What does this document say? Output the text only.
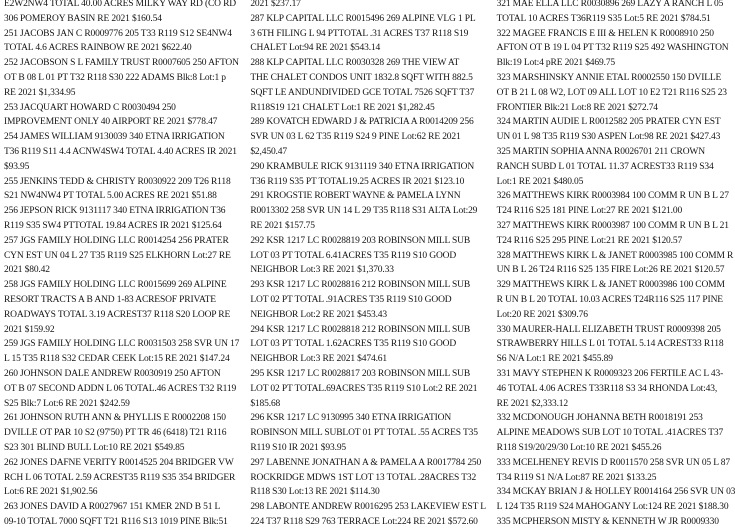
E2W2NW4 TOTAL 40.00 ACRES MILKY WAY RD (CO RD
306 POMEROY BASIN RE 2021 $160.54
251 JACOBS JAN C R0009776 205 T33 R119 S12 SE4NW4
TOTAL 4.6 ACRES RAINBOW RE 2021 $622.40
252 JACOBSON S L FAMILY TRUST R0007605 250 AFTON
OT B 08 L 01 PT T32 R118 S30 222 ADAMS Blk:8 Lot:1 p
RE 2021 $1,334.95
253 JACQUART HOWARD C R0030494 250
IMPROVEMENT ONLY 40 AIRPORT RE 2021 $778.47
254 JAMES WILLIAM 9130039 340 ETNA IRRIGATION
T36 R119 S11 4.4 ACNW4SW4 TOTAL 4.40 ACRES IR 2021
$93.95
255 JENKINS TEDD & CHRISTY R0030922 209 T26 R118
S21 NW4NW4 PT TOTAL 5.00 ACRES RE 2021 $51.88
256 JEPSON RICK 9131117 340 ETNA IRRIGATION T36
R119 S35 SW4 PTTOTAL 19.84 ACRES IR 2021 $125.64
257 JGS FAMILY HOLDING LLC R0014254 256 PRATER
CYN EST UN 04 L 27 T35 R119 S25 ELKHORN Lot:27 RE
2021 $80.42
258 JGS FAMILY HOLDING LLC R0015699 269 ALPINE
RESORT TRACTS A B AND 1-83 ACRESOF PRIVATE
ROADWAYS TOTAL 3.19 ACREST37 R118 S20 LOOP RE
2021 $159.92
259 JGS FAMILY HOLDING LLC R0031503 258 SVR UN 17
L 15 T35 R118 S32 CEDAR CEEK Lot:15 RE 2021 $147.24
260 JOHNSON DALE ANDREW R0030919 250 AFTON
OT B 07 SECOND ADDN L 06 TOTAL.46 ACRES T32 R119
S25 Blk:7 Lot:6 RE 2021 $242.59
261 JOHNSON RUTH ANN & PHYLLIS E R0002208 150
DVILLE OT PAR 10 S2 (97'50) PT TR 46 (6418) T21 R116
S23 301 BLIND BULL Lot:10 RE 2021 $549.85
262 JONES DAFNE VERITY R0014525 204 BRIDGER VW
RCH L 06 TOTAL 2.59 ACREST35 R119 S35 354 BRIDGER
Lot:6 RE 2021 $1,902.56
263 JONES DAVID A R0027967 151 KMER 2ND B 51 L
09-10 TOTAL 7000 SQFT T21 R116 S13 1019 PINE Blk:51
2021 $237.17
287 KLP CAPITAL LLC R0015496 269 ALPINE VLG 1 PL
3 6TH FILING L 94 PTTOTAL .31 ACRES T37 R118 S19
CHALET Lot:94 RE 2021 $543.14
288 KLP CAPITAL LLC R0030328 269 THE VIEW AT
THE CHALET CONDOS UNIT 1832.8 SQFT WITH 882.5
SQFT LE ANDUNDIVIDED GCE TOTAL 7526 SQFT T37
R118S19 121 CHALET Lot:1 RE 2021 $1,282.45
289 KOVATCH EDWARD J & PATRICIA A R0014209 256
SVR UN 03 L 62 T35 R119 S24 9 PINE Lot:62 RE 2021
$2,450.47
290 KRAMBULE RICK 9131119 340 ETNA IRRIGATION
T36 R119 S35 PT TOTAL19.25 ACRES IR 2021 $123.10
291 KROGSTIE ROBERT WAYNE & PAMELA LYNN
R0013302 258 SVR UN 14 L 29 T35 R118 S31 ALTA Lot:29
RE 2021 $157.75
292 KSR 1217 LC R0028819 203 ROBINSON MILL SUB
LOT 03 PT TOTAL 6.41ACRES T35 R119 S10 GOOD
NEIGHBOR Lot:3 RE 2021 $1,370.33
293 KSR 1217 LC R0028816 212 ROBINSON MILL SUB
LOT 02 PT TOTAL .91ACRES T35 R119 S10 GOOD
NEIGHBOR Lot:2 RE 2021 $453.43
294 KSR 1217 LC R0028818 212 ROBINSON MILL SUB
LOT 03 PT TOTAL 1.62ACRES T35 R119 S10 GOOD
NEIGHBOR Lot:3 RE 2021 $474.61
295 KSR 1217 LC R0028817 203 ROBINSON MILL SUB
LOT 02 PT TOTAL.69ACRES T35 R119 S10 Lot:2 RE 2021
$185.68
296 KSR 1217 LC 9130995 340 ETNA IRRIGATION
ROBINSON MILL SUBLOT 01 PT TOTAL .55 ACRES T35
R119 S10 IR 2021 $93.95
297 LABENNE JONATHAN A & PAMELA A R0017784 250
ROCKRIDGE MDWS 1ST LOT 13 TOTAL .28ACRES T32
R118 S30 Lot:13 RE 2021 $114.30
298 LABONTE ANDREW R0016295 253 LAKEVIEW EST L
224 T37 R118 S29 763 TERRACE Lot:224 RE 2021 $572.60
321 MAE ELLA LLC R0030896 269 LAZY A RANCH L 05
TOTAL 10 ACRES T36R119 S35 Lot:5 RE 2021 $784.51
322 MAGEE FRANCIS E III & HELEN K R0008910 250
AFTON OT B 19 L 04 PT T32 R119 S25 492 WASHINGTON
Blk:19 Lot:4 pRE 2021 $469.75
323 MARSHINSKY ANNIE ETAL R0002550 150 DVILLE
OT B 21 L 08 W2, LOT 09 ALL LOT 10 E2 T21 R116 S25 23
FRONTIER Blk:21 Lot:8 RE 2021 $272.74
324 MARTIN AUDIE L R0012582 205 PRATER CYN EST
UN 01 L 98 T35 R119 S30 ASPEN Lot:98 RE 2021 $427.43
325 MARTIN SOPHIA ANNA R0026701 211 CROWN
RANCH SUBD L 01 TOTAL 11.37 ACREST33 R119 S34
Lot:1 RE 2021 $480.05
326 MATTHEWS KIRK R0003984 100 COMM R UN B L 27
T24 R116 S25 181 PINE Lot:27 RE 2021 $121.00
327 MATTHEWS KIRK R0003987 100 COMM R UN B L 21
T24 R116 S25 295 PINE Lot:21 RE 2021 $120.57
328 MATTHEWS KIRK L & JANET R0003985 100 COMM R
UN B L 26 T24 R116 S25 135 FIRE Lot:26 RE 2021 $120.57
329 MATTHEWS KIRK L & JANET R0003986 100 COMM
R UN B L 20 TOTAL 10.03 ACRES T24R116 S25 117 PINE
Lot:20 RE 2021 $309.76
330 MAURER-HALL ELIZABETH TRUST R0009398 205
STRAWBERRY HILLS L 01 TOTAL 5.14 ACREST33 R118
S6 N/A Lot:1 RE 2021 $455.89
331 MAVY STEPHEN K R0009323 206 FERTILE AC L 43-
46 TOTAL 4.06 ACRES T33R118 S3 34 RHONDA Lot:43,
RE 2021 $2,333.12
332 MCDONOUGH JOHANNA BETH R0018191 253
ALPINE MEADOWS SUB LOT 10 TOTAL .41ACRES T37
R118 S19/20/29/30 Lot:10 RE 2021 $455.26
333 MCELHENEY REVIS D R0011570 258 SVR UN 05 L 87
T34 R119 S1 N/A Lot:87 RE 2021 $133.25
334 MCKAY BRIAN J & HOLLEY R0014164 256 SVR UN 03
L 124 T35 R119 S24 MAHOGANY Lot:124 RE 2021 $188.30
335 MCPHERSON MISTY & KENNETH W JR R0009330
